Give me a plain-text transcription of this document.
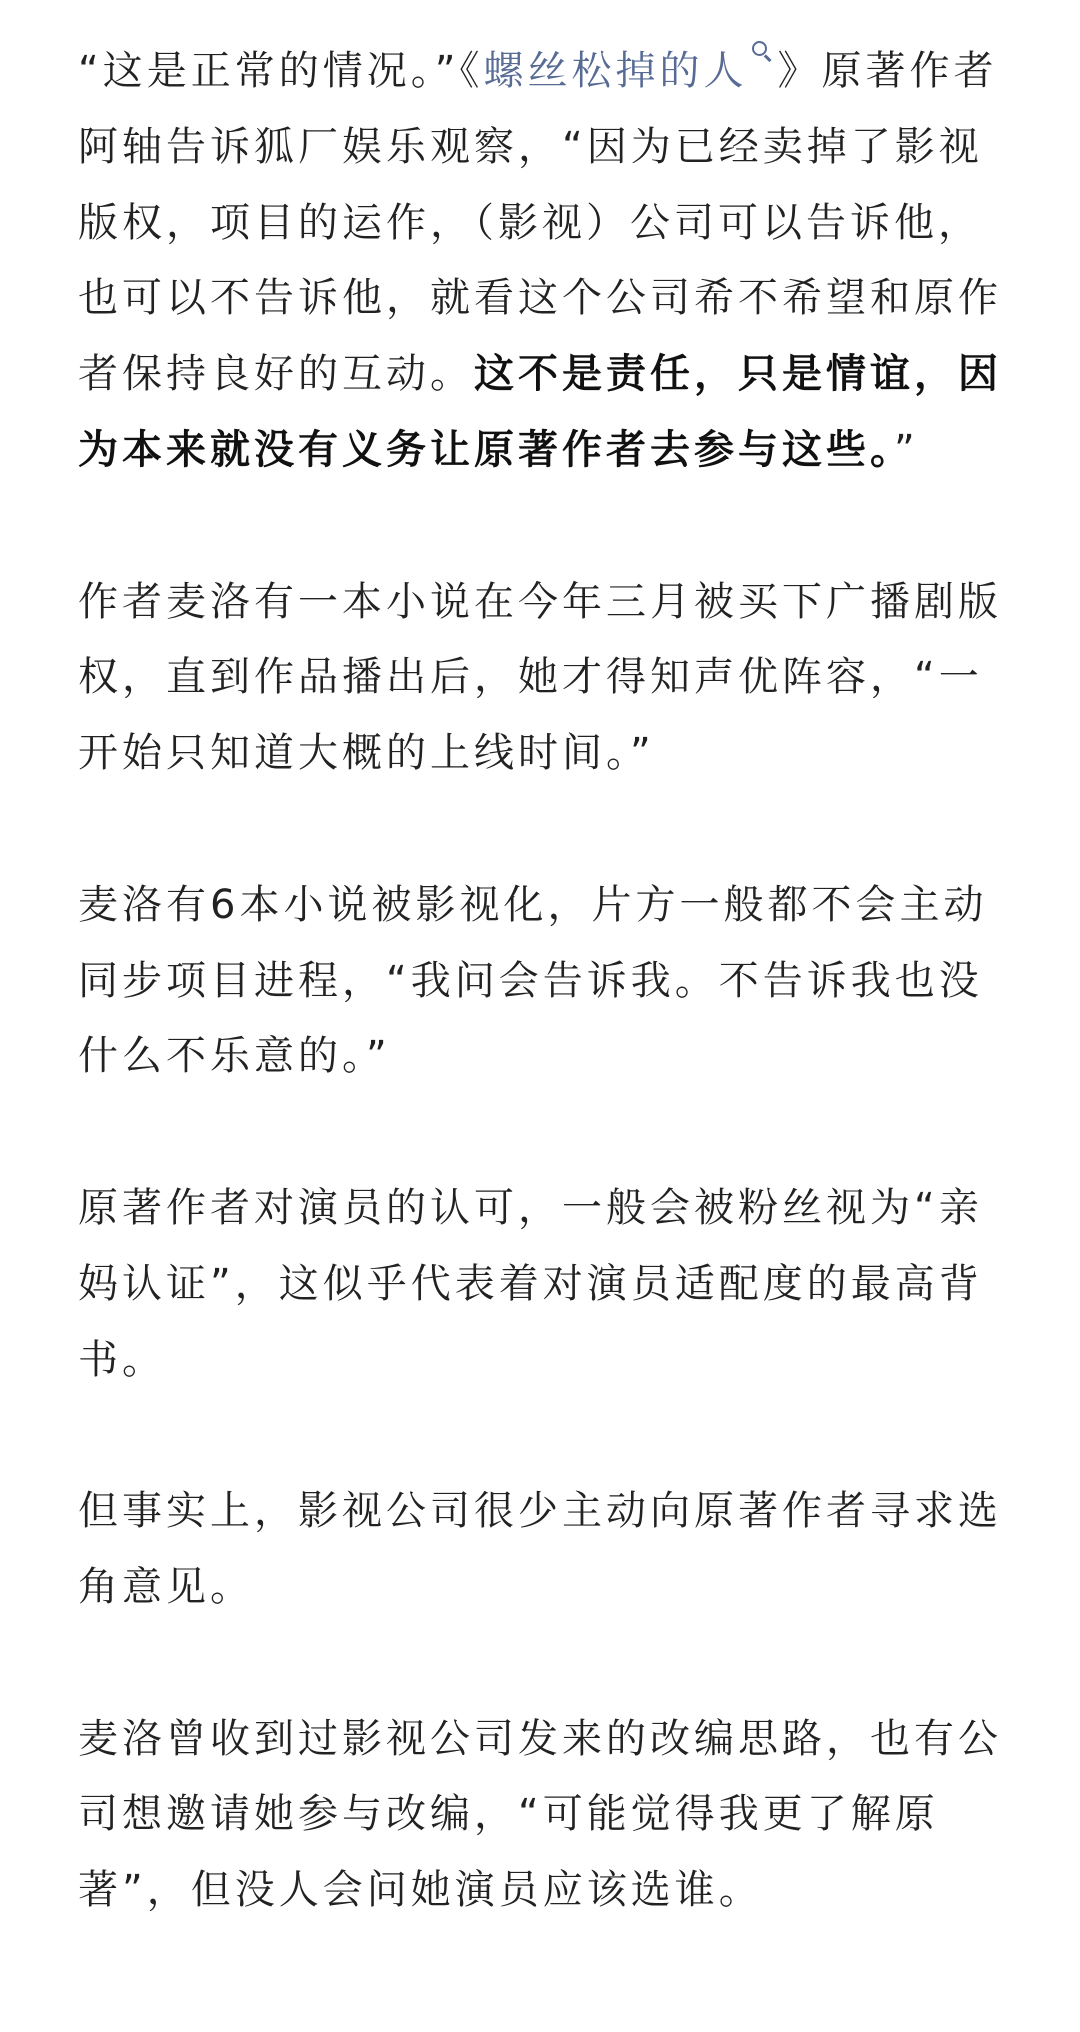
“这是正常的情况。”《螺丝松掉的人 》原著作者阿轴告诉狐厂娱乐观察，“因为已经卖掉了影视版权，项目的运作，（影视）公司可以告诉他，也可以不告诉他，就看这个公司希不希望和原作者保持良好的互动。这不是责任，只是情谊，因为本来就没有义务让原著作者去参与这些。”

作者麦洛有一本小说在今年三月被买下广播剧版权，直到作品播出后，她才得知声优阵容，“一开始只知道大概的上线时间。”

麦洛有6本小说被影视化，片方一般都不会主动同步项目进程，“我问会告诉我。不告诉我也没什么不乐意的。”

原著作者对演员的认可，一般会被粉丝视为“亲妈认证”，这似乎代表着对演员适配度的最高背书。

但事实上，影视公司很少主动向原著作者寻求选角意见。

麦洛曾收到过影视公司发来的改编思路，也有公司想邀请她参与改编，“可能觉得我更了解原著”，但没人会问她演员应该选谁。
